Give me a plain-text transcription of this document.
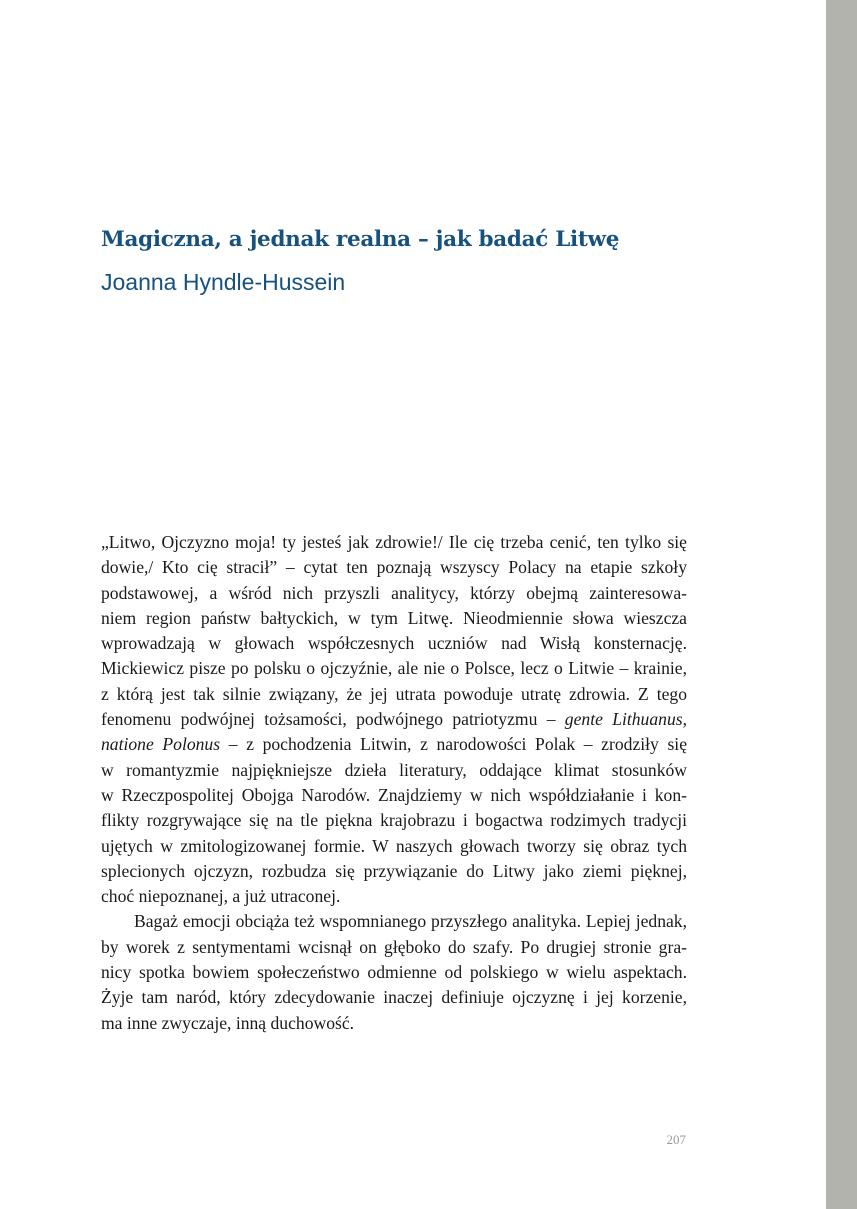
Magiczna, a jednak realna – jak badać Litwę
Joanna Hyndle-Hussein
„Litwo, Ojczyzno moja! ty jesteś jak zdrowie!/ Ile cię trzeba cenić, ten tylko się
dowie,/ Kto cię stracił” – cytat ten poznają wszyscy Polacy na etapie szkoły
podstawowej, a wśród nich przyszli analitycy, którzy obejmą zainteresowa-
niem region państw bałtyckich, w tym Litwę. Nieodmiennie słowa wieszcza
wprowadzają w głowach współczesnych uczniów nad Wisłą konsternację.
Mickiewicz pisze po polsku o ojczyźnie, ale nie o Polsce, lecz o Litwie – krainie,
z którą jest tak silnie związany, że jej utrata powoduje utratę zdrowia. Z tego
fenomenu podwójnej tożsamości, podwójnego patriotyzmu – gente Lithuanus,
natione Polonus – z pochodzenia Litwin, z narodowości Polak – zrodziły się
w romantyzmie najpiękniejsze dzieła literatury, oddające klimat stosunków
w Rzeczpospolitej Obojga Narodów. Znajdziemy w nich współdziałanie i kon-
flikty rozgrywające się na tle piękna krajobrazu i bogactwa rodzimych tradycji
ujętych w zmitologizowanej formie. W naszych głowach tworzy się obraz tych
splecionych ojczyzn, rozbudza się przywiązanie do Litwy jako ziemi pięknej,
choć niepoznanej, a już utraconej.
Bagaż emocji obciąża też wspomnianego przyszłego analityka. Lepiej jednak,
by worek z sentymentami wcisnął on głęboko do szafy. Po drugiej stronie gra-
nicy spotka bowiem społeczeństwo odmienne od polskiego w wielu aspektach.
Żyje tam naród, który zdecydowanie inaczej definiuje ojczyznę i jej korzenie,
ma inne zwyczaje, inną duchowość.
207
